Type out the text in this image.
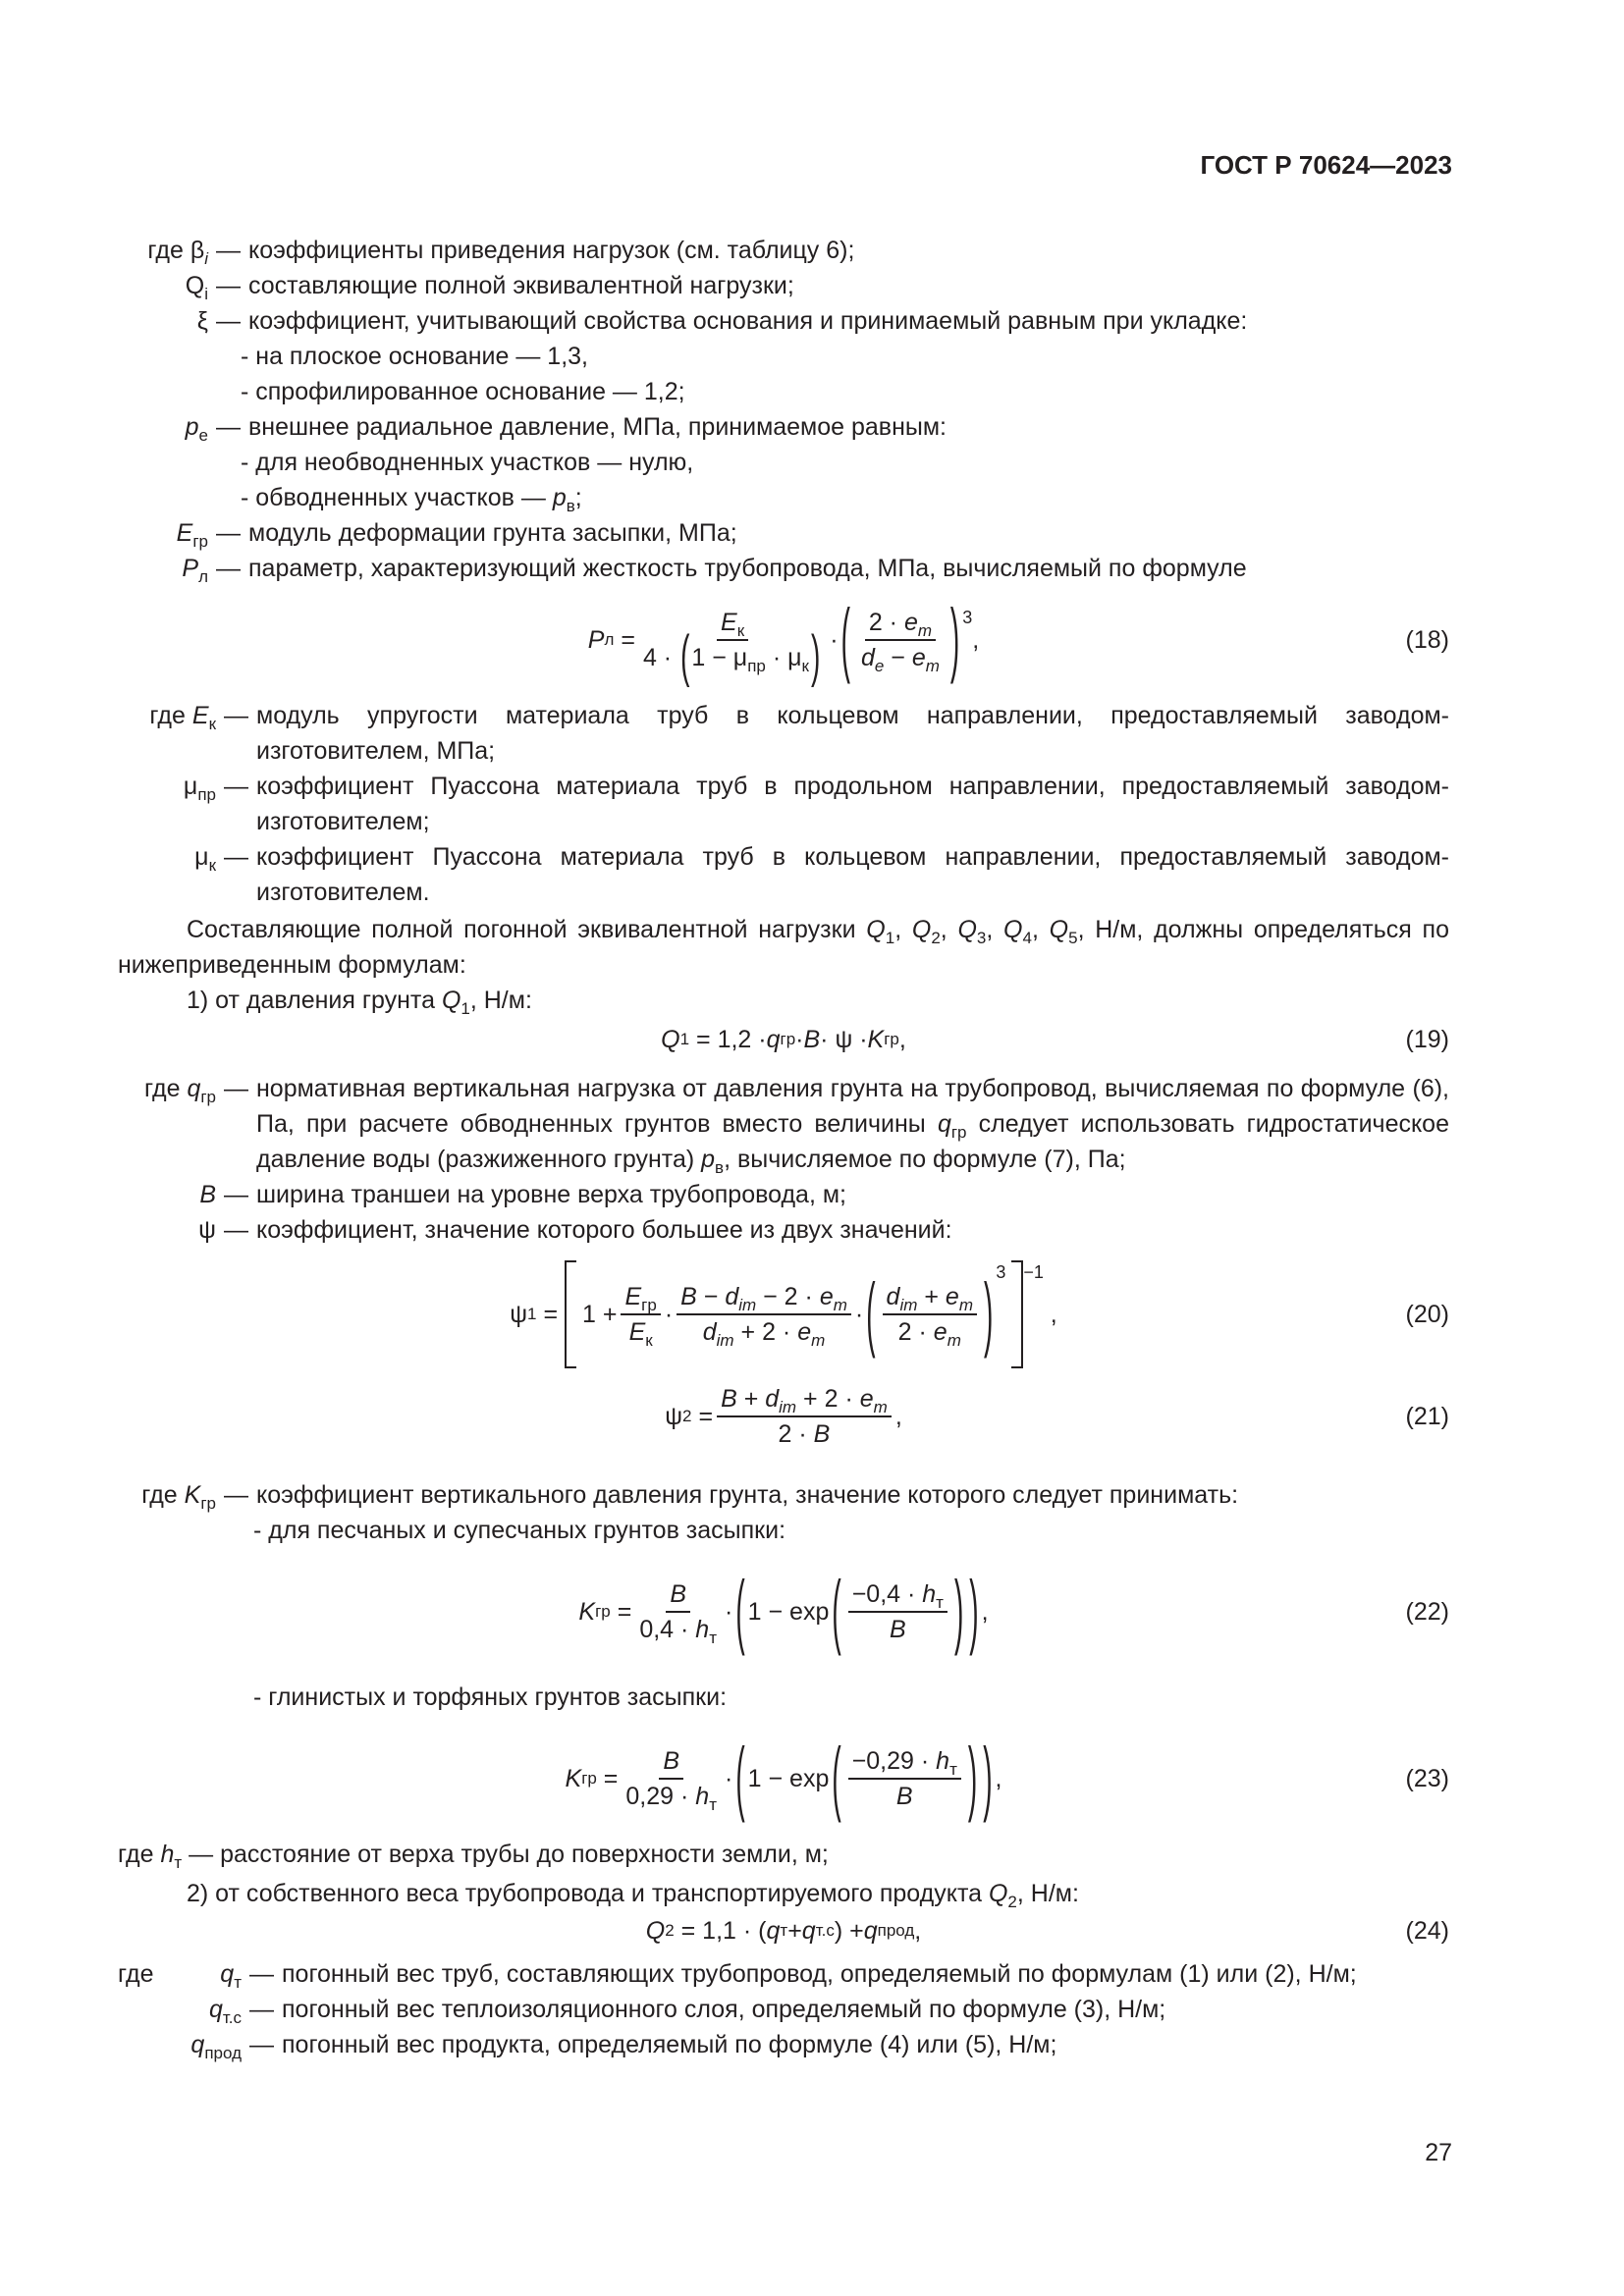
ГОСТ Р 70624—2023
где $\beta_i$ — коэффициенты приведения нагрузок (см. таблицу 6);
$Q_i$ — составляющие полной эквивалентной нагрузки;
ξ — коэффициент, учитывающий свойства основания и принимаемый равным при укладке:
- на плоское основание — 1,3,
- спрофилированное основание — 1,2;
$p_e$ — внешнее радиальное давление, МПа, принимаемое равным:
- для необводненных участков — нулю,
- обводненных участков — $p_в$;
$E_{гр}$ — модуль деформации грунта засыпки, МПа;
$P_л$ — параметр, характеризующий жесткость трубопровода, МПа, вычисляемый по формуле
P л =
$E_к$
$4 \cdot (1 - \mu_{пр} \cdot \mu_к)$ · ( $2 \cdot e_m$
$d_e - e_m$ ) 3
,	(18)
где $E_к$ — модуль упругости материала труб в кольцевом направлении, предоставляемый заводом-изготовителем, МПа;
$\mu_{пр}$ — коэффициент Пуассона материала труб в продольном направлении, предоставляемый заводом-изготовителем;
$\mu_к$ — коэффициент Пуассона материала труб в кольцевом направлении, предоставляемый заводом-изготовителем.
Составляющие полной погонной эквивалентной нагрузки $Q_1$, $Q_2$, $Q_3$, $Q_4$, $Q_5$, Н/м, должны определяться по нижеприведенным формулам:
1) от давления грунта $Q_1$, Н/м:
Q 1 = 1,2 · q гр · B · ψ · K гр ,	(19)
где $q_{гр}$ — нормативная вертикальная нагрузка от давления грунта на трубопровод, вычисляемая по формуле (6), Па, при расчете обводненных грунтов вместо величины $q_{гр}$ следует использовать гидростатическое давление воды (разжиженного грунта) $p_в$, вычисляемое по формуле (7), Па;
B — ширина траншеи на уровне верха трубопровода, м;
ψ — коэффициент, значение которого большее из двух значений:
ψ 1 =
1 +
$E_{гр}$
$E_к$
·
$B - d_{im} - 2 \cdot e_m$
$d_{im} + 2 \cdot e_m$
· ( $d_{im} + e_m$
$2 \cdot e_m$ ) 3 −1
,	(20)
ψ 2 =
$B + d_{im} + 2 \cdot e_m$
2 · B
,	(21)
где $K_{гр}$ — коэффициент вертикального давления грунта, значение которого следует принимать:
- для песчаных и супесчаных грунтов засыпки:
K гр =
B
$0,4 \cdot h_т$
· ( 1 − exp ( $-0,4 \cdot h_т$
B ) ) ,	(22)
- глинистых и торфяных грунтов засыпки:
K гр =
B
$0,29 \cdot h_т$
· ( 1 − exp ( $-0,29 \cdot h_т$
B ) ) ,	(23)
где $h_т$ — расстояние от верха трубы до поверхности земли, м;
2) от собственного веса трубопровода и транспортируемого продукта $Q_2$, Н/м:
Q 2 = 1,1 · ( q т + q т.с ) + q прод ,	(24)
где	$q_т$ — погонный вес труб, составляющих трубопровод, определяемый по формулам (1) или (2), Н/м;
$q_{т.с}$ — погонный вес теплоизоляционного слоя, определяемый по формуле (3), Н/м;
$q_{прод}$ — погонный вес продукта, определяемый по формуле (4) или (5), Н/м;
27
